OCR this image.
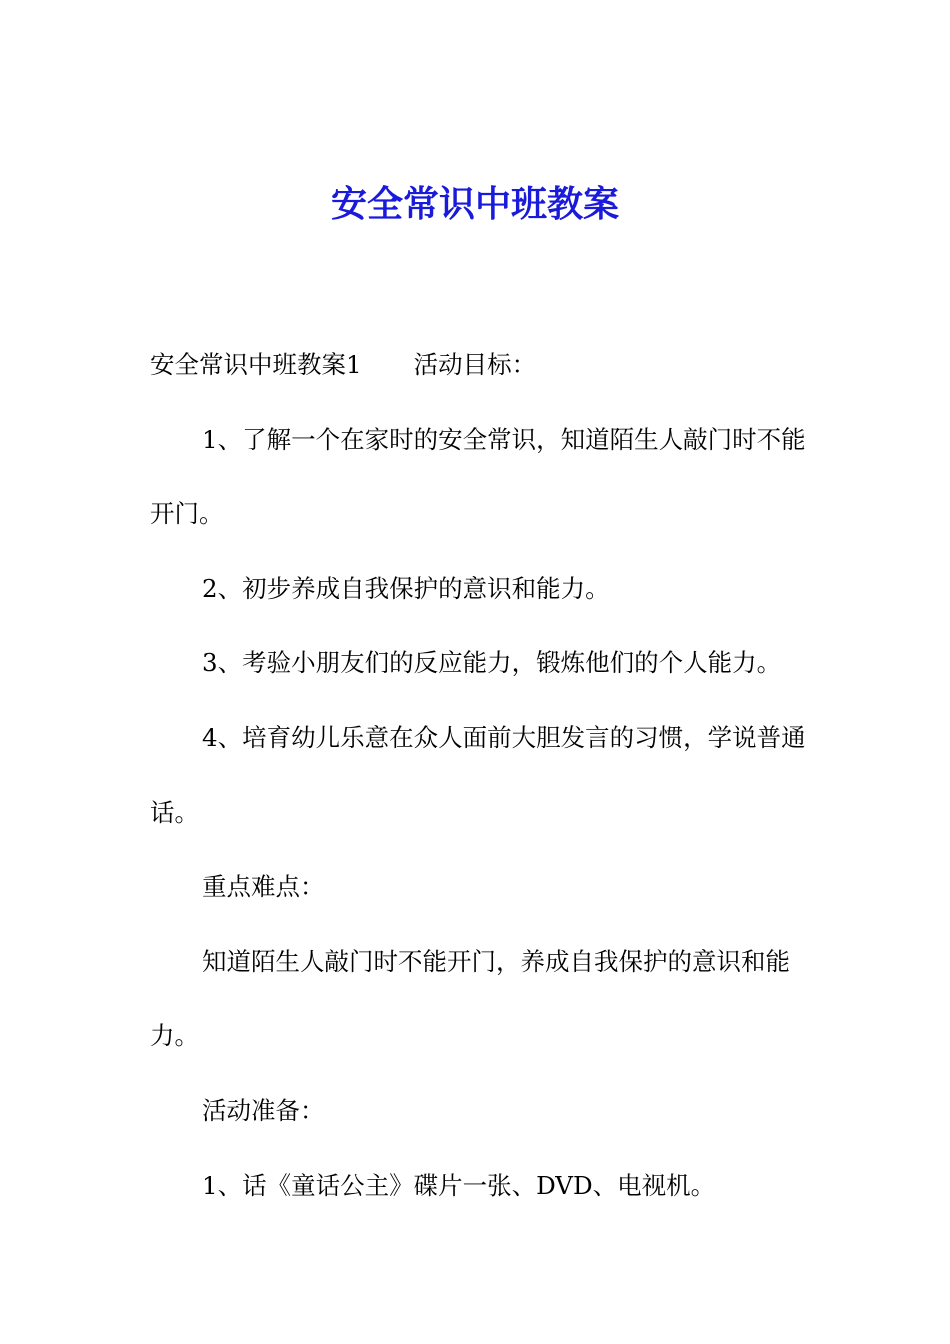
安全常识中班教案

安全常识中班教案1 活动目标：

1、了解一个在家时的安全常识，知道陌生人敲门时不能开门。

2、初步养成自我保护的意识和能力。

3、考验小朋友们的反应能力，锻炼他们的个人能力。

4、培育幼儿乐意在众人面前大胆发言的习惯，学说普通话。

重点难点：

知道陌生人敲门时不能开门，养成自我保护的意识和能力。

活动准备：

1、话《童话公主》碟片一张、DVD、电视机。
